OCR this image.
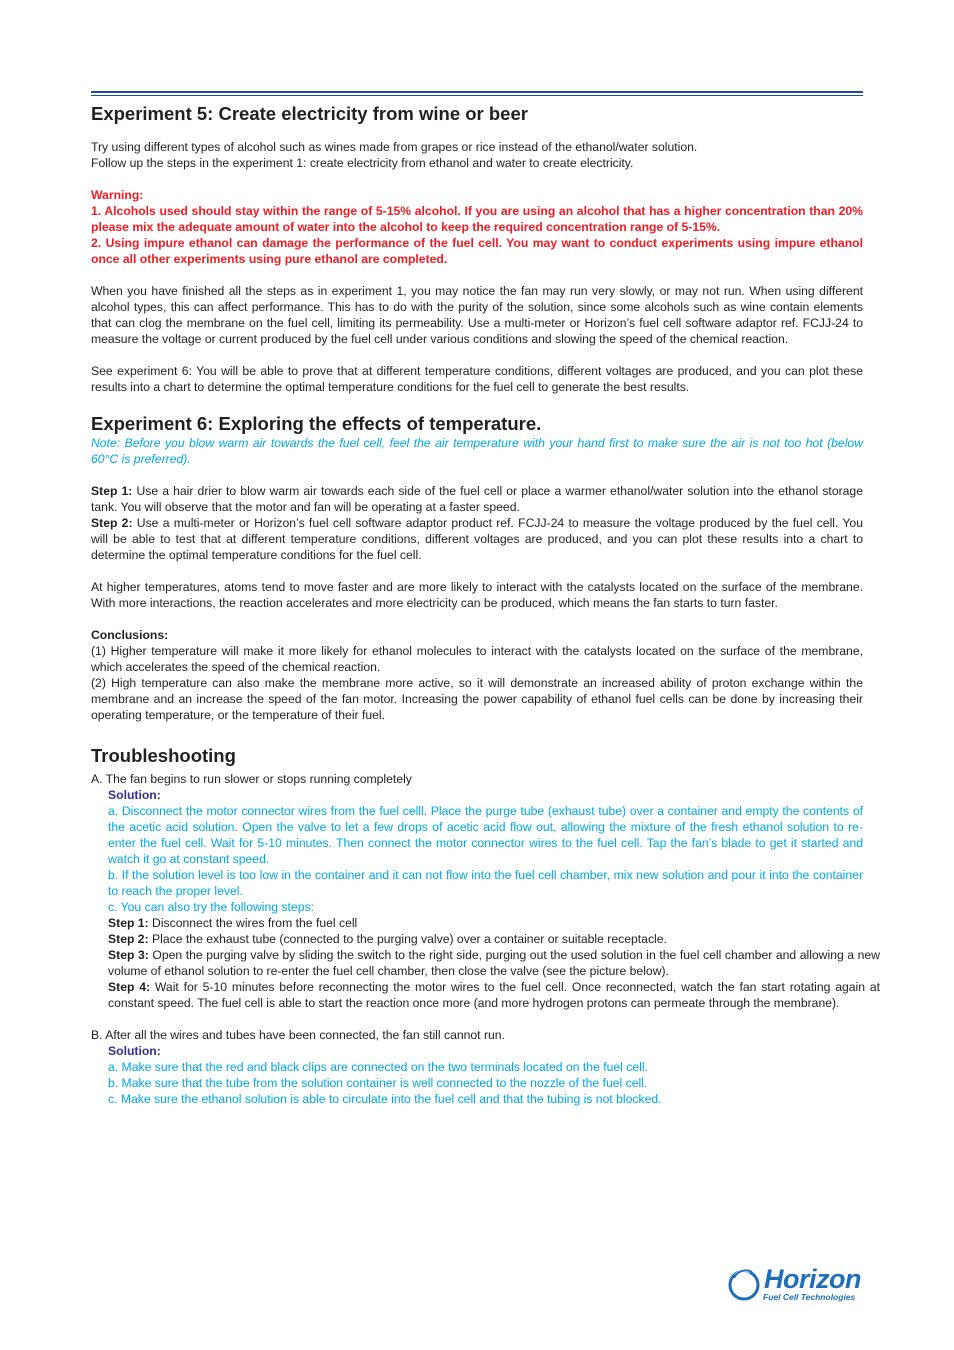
Experiment 5: Create electricity from wine or beer

Try using different types of alcohol such as wines made from grapes or rice instead of the ethanol/water solution.

Follow up the steps in the experiment 1: create electricity from ethanol and water to create electricity.

Warning:

1. Alcohols used should stay within the range of 5-15% alcohol. If you are using an alcohol that has a higher concentration than 20% please mix the adequate amount of water into the alcohol to keep the required concentration range of 5-15%.

2. Using impure ethanol can damage the performance of the fuel cell. You may want to conduct experiments using impure ethanol once all other experiments using pure ethanol are completed.

When you have finished all the steps as in experiment 1, you may notice the fan may run very slowly, or may not run. When using different alcohol types, this can affect performance. This has to do with the purity of the solution, since some alcohols such as wine contain elements that can clog the membrane on the fuel cell, limiting its permeability. Use a multi-meter or Horizon’s fuel cell software adaptor ref. FCJJ-24 to measure the voltage or current produced by the fuel cell under various conditions and slowing the speed of the chemical reaction.

See experiment 6: You will be able to prove that at different temperature conditions, different voltages are produced, and you can plot these results into a chart to determine the optimal temperature conditions for the fuel cell to generate the best results.

Experiment 6: Exploring the effects of temperature.

Note: Before you blow warm air towards the fuel cell, feel the air temperature with your hand first to make sure the air is not too hot (below 60°C is preferred).

Step 1: Use a hair drier to blow warm air towards each side of the fuel cell or place a warmer ethanol/water solution into the ethanol storage tank. You will observe that the motor and fan will be operating at a faster speed.

Step 2: Use a multi-meter or Horizon’s fuel cell software adaptor product ref. FCJJ-24 to measure the voltage produced by the fuel cell. You will be able to test that at different temperature conditions, different voltages are produced, and you can plot these results into a chart to determine the optimal temperature conditions for the fuel cell.

At higher temperatures, atoms tend to move faster and are more likely to interact with the catalysts located on the surface of the membrane. With more interactions, the reaction accelerates and more electricity can be produced, which means the fan starts to turn faster.

Conclusions:

(1) Higher temperature will make it more likely for ethanol molecules to interact with the catalysts located on the surface of the membrane, which accelerates the speed of the chemical reaction.

(2) High temperature can also make the membrane more active, so it will demonstrate an increased ability of proton exchange within the membrane and an increase the speed of the fan motor. Increasing the power capability of ethanol fuel cells can be done by increasing their operating temperature, or the temperature of their fuel.

Troubleshooting

A. The fan begins to run slower or stops running completely

Solution:

a. Disconnect the motor connector wires from the fuel celll. Place the purge tube (exhaust tube) over a container and empty the contents of the acetic acid solution. Open the valve to let a few drops of acetic acid flow out, allowing the mixture of the fresh ethanol solution to re-enter the fuel cell. Wait for 5-10 minutes. Then connect the motor connector wires to the fuel cell. Tap the fan’s blade to get it started and watch it go at constant speed.

b. If the solution level is too low in the container and it can not flow into the fuel cell chamber, mix new solution and pour it into the container to reach the proper level.

c. You can also try the following steps:

Step 1: Disconnect the wires from the fuel cell

Step 2: Place the exhaust tube (connected to the purging valve) over a container or suitable receptacle.

Step 3: Open the purging valve by sliding the switch to the right side, purging out the used solution in the fuel cell chamber and allowing a new volume of ethanol solution to re-enter the fuel cell chamber, then close the valve (see the picture below).

Step 4: Wait for 5-10 minutes before reconnecting the motor wires to the fuel cell. Once reconnected, watch the fan start rotating again at constant speed. The fuel cell is able to start the reaction once more (and more hydrogen protons can permeate through the membrane).

B. After all the wires and tubes have been connected, the fan still cannot run.

Solution:

a. Make sure that the red and black clips are connected on the two terminals located on the fuel cell.

b. Make sure that the tube from the solution container is well connected to the nozzle of the fuel cell.

c. Make sure the ethanol solution is able to circulate into the fuel cell and that the tubing is not blocked.

Horizon
Fuel Cell Technologies
